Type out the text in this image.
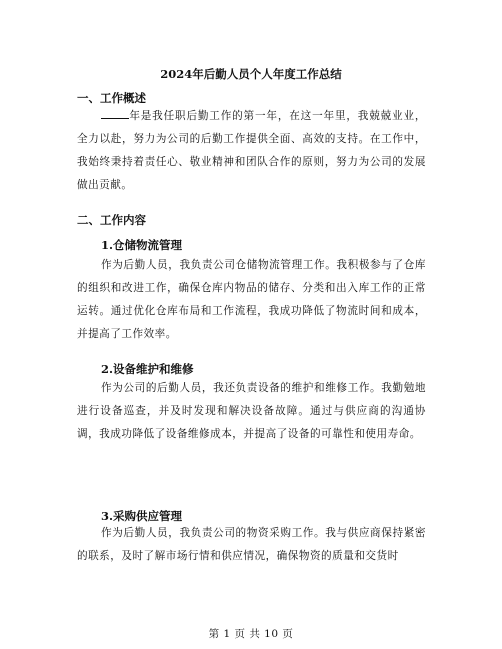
2024年后勤人员个人年度工作总结
一、工作概述

年是我任职后勤工作的第一年，在这一年里，我兢兢业业，全力以赴，努力为公司的后勤工作提供全面、高效的支持。在工作中，我始终秉持着责任心、敬业精神和团队合作的原则，努力为公司的发展做出贡献。

二、工作内容
1.仓储物流管理

作为后勤人员，我负责公司仓储物流管理工作。我积极参与了仓库的组织和改进工作，确保仓库内物品的储存、分类和出入库工作的正常运转。通过优化仓库布局和工作流程，我成功降低了物流时间和成本，并提高了工作效率。

2.设备维护和维修

作为公司的后勤人员，我还负责设备的维护和维修工作。我勤勉地进行设备巡查，并及时发现和解决设备故障。通过与供应商的沟通协调，我成功降低了设备维修成本，并提高了设备的可靠性和使用寿命。

3.采购供应管理

作为后勤人员，我负责公司的物资采购工作。我与供应商保持紧密的联系，及时了解市场行情和供应情况，确保物资的质量和交货时

第 1 页 共 10 页
